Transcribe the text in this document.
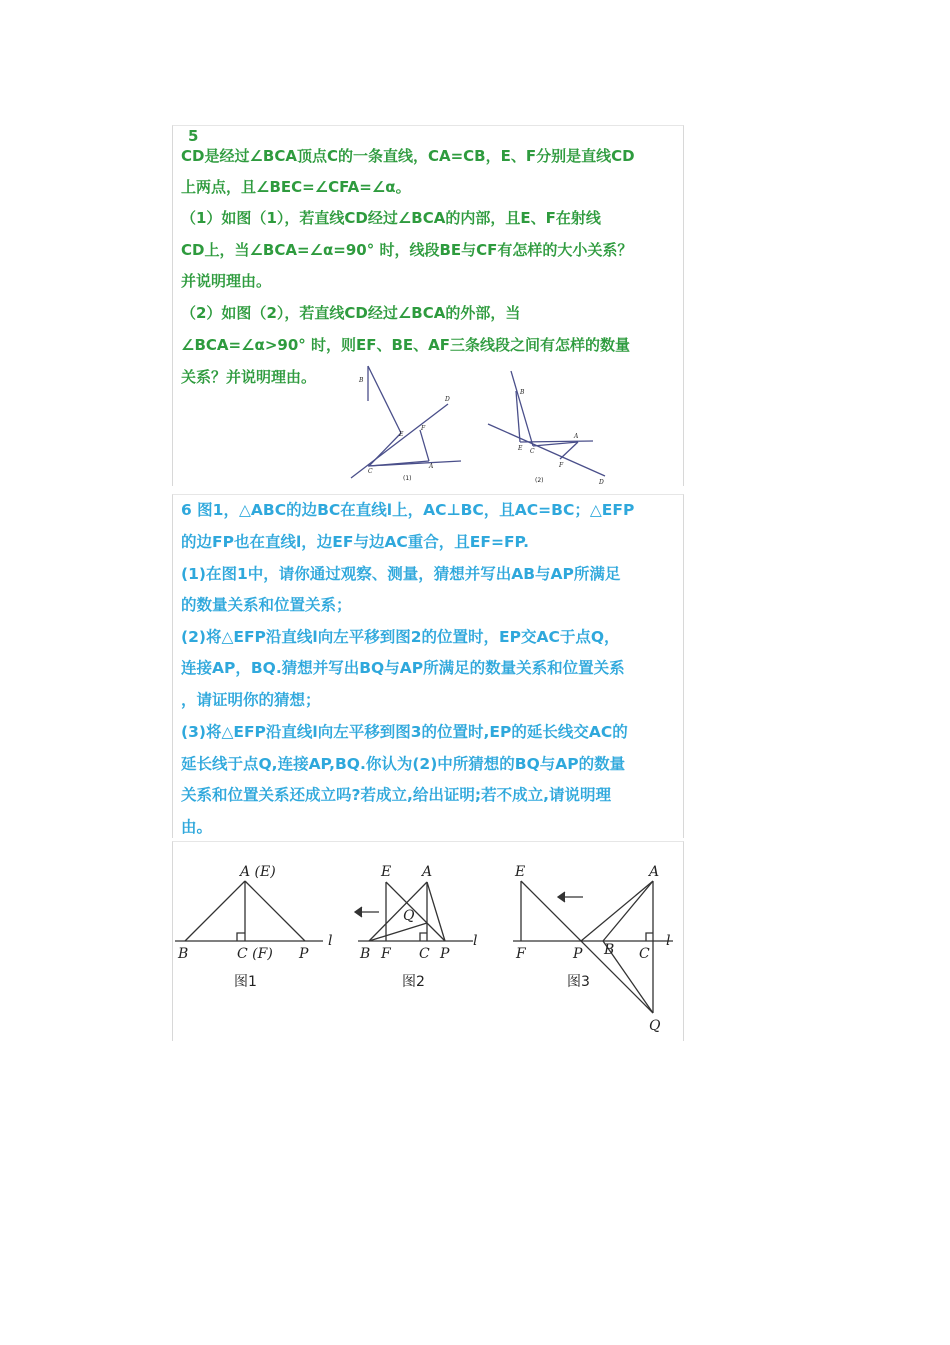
5
CD是经过∠BCA顶点C的一条直线，CA=CB，E、F分别是直线CD
上两点，且∠BEC=∠CFA=∠α。
（1）如图（1），若直线CD经过∠BCA的内部，且E、F在射线
CD上，当∠BCA=∠α=90° 时，线段BE与CF有怎样的大小关系？
并说明理由。
（2）如图（2），若直线CD经过∠BCA的外部，当
∠BCA=∠α>90° 时，则EF、BE、AF三条线段之间有怎样的数量
关系？并说明理由。	B
D
E
F
C
A
(1)
B
D
E C
A
F
(2)
6 图1，△ABC的边BC在直线l上，AC⊥BC，且AC=BC；△EFP
的边FP也在直线l，边EF与边AC重合，且EF=FP.
(1)在图1中，请你通过观察、测量，猜想并写出AB与AP所满足
的数量关系和位置关系；
(2)将△EFP沿直线l向左平移到图2的位置时，EP交AC于点Q，
连接AP，BQ.猜想并写出BQ与AP所满足的数量关系和位置关系
，请证明你的猜想；
(3)将△EFP沿直线l向左平移到图3的位置时,EP的延长线交AC的
延长线于点Q,连接AP,BQ.你认为(2)中所猜想的BQ与AP的数量
关系和位置关系还成立吗?若成立,给出证明;若不成立,请说明理
由。
A (E)
B	C (F) P
l
图1
E A
Q
B F C P
l
图2
E	A
F	P B C
l
Q
图3
